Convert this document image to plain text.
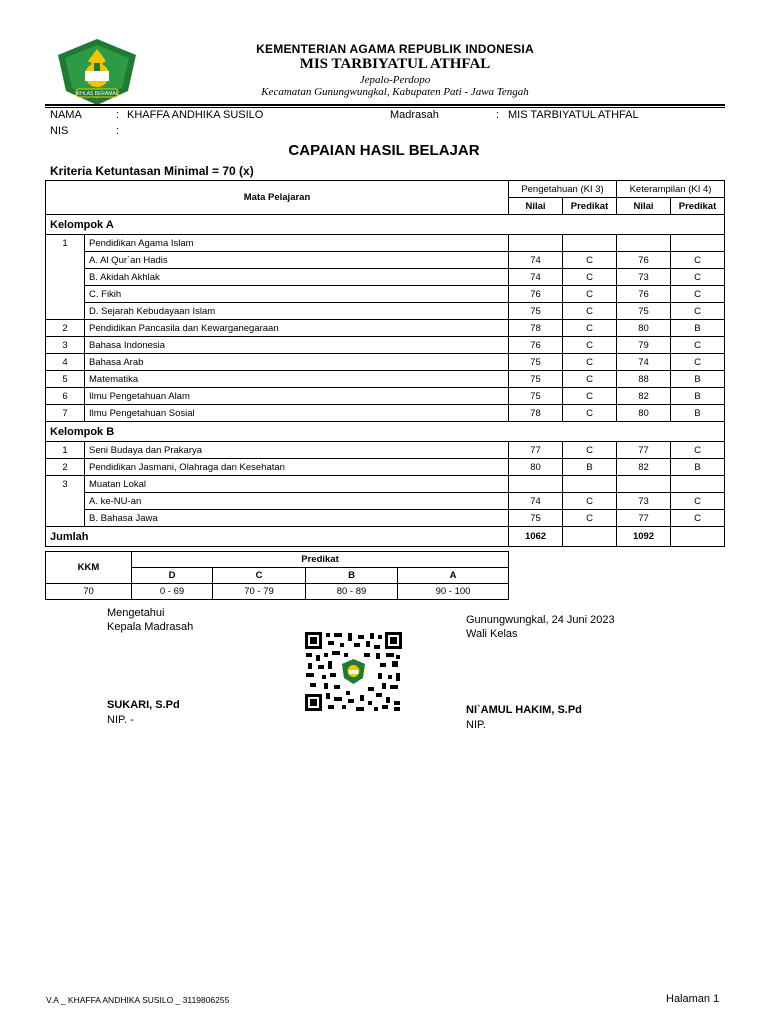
IKHLAS BERAMAL
KEMENTERIAN AGAMA REPUBLIK INDONESIA
MIS TARBIYATUL ATHFAL
Jepalo-Perdopo
Kecamatan Gunungwungkal, Kabupaten Pati - Jawa Tengah
NAMA	: KHAFFA ANDHIKA SUSILO
NIS	:
Madrasah	: MIS TARBIYATUL ATHFAL
CAPAIAN HASIL BELAJAR
Kriteria Ketuntasan Minimal = 70 (x)
Mata Pelajaran		Pengetahuan (KI 3)		Keterampilan (KI 4)	
		Nilai	Predikat	Nilai	Predikat
Kelompok A					
1	Pendidikan Agama Islam				
	A. Al Qur`an Hadis	74	C	76	C
	B. Akidah Akhlak	74	C	73	C
	C. Fikih	76	C	76	C
	D. Sejarah Kebudayaan Islam	75	C	75	C
2	Pendidikan Pancasila dan Kewarganegaraan	78	C	80	B
3	Bahasa Indonesia	76	C	79	C
4	Bahasa Arab	75	C	74	C
5	Matematika	75	C	88	B
6	Ilmu Pengetahuan Alam	75	C	82	B
7	Ilmu Pengetahuan Sosial	78	C	80	B
Kelompok B					
1	Seni Budaya dan Prakarya	77	C	77	C
2	Pendidikan Jasmani, Olahraga dan Kesehatan	80	B	82	B
3	Muatan Lokal				
	A. ke-NU-an	74	C	73	C
	B. Bahasa Jawa	75	C	77	C
Jumlah		1062		1092	
KKM	Predikat			
	D	C	B	A
70	0 - 69	70 - 79	80 - 89	90 - 100
Mengetahui
Kepala Madrasah
SUKARI, S.Pd
NIP. -
Gunungwungkal, 24 Juni 2023
Wali Kelas
NI`AMUL HAKIM, S.Pd
NIP.
V.A _ KHAFFA ANDHIKA SUSILO _ 3119806255	Halaman 1
